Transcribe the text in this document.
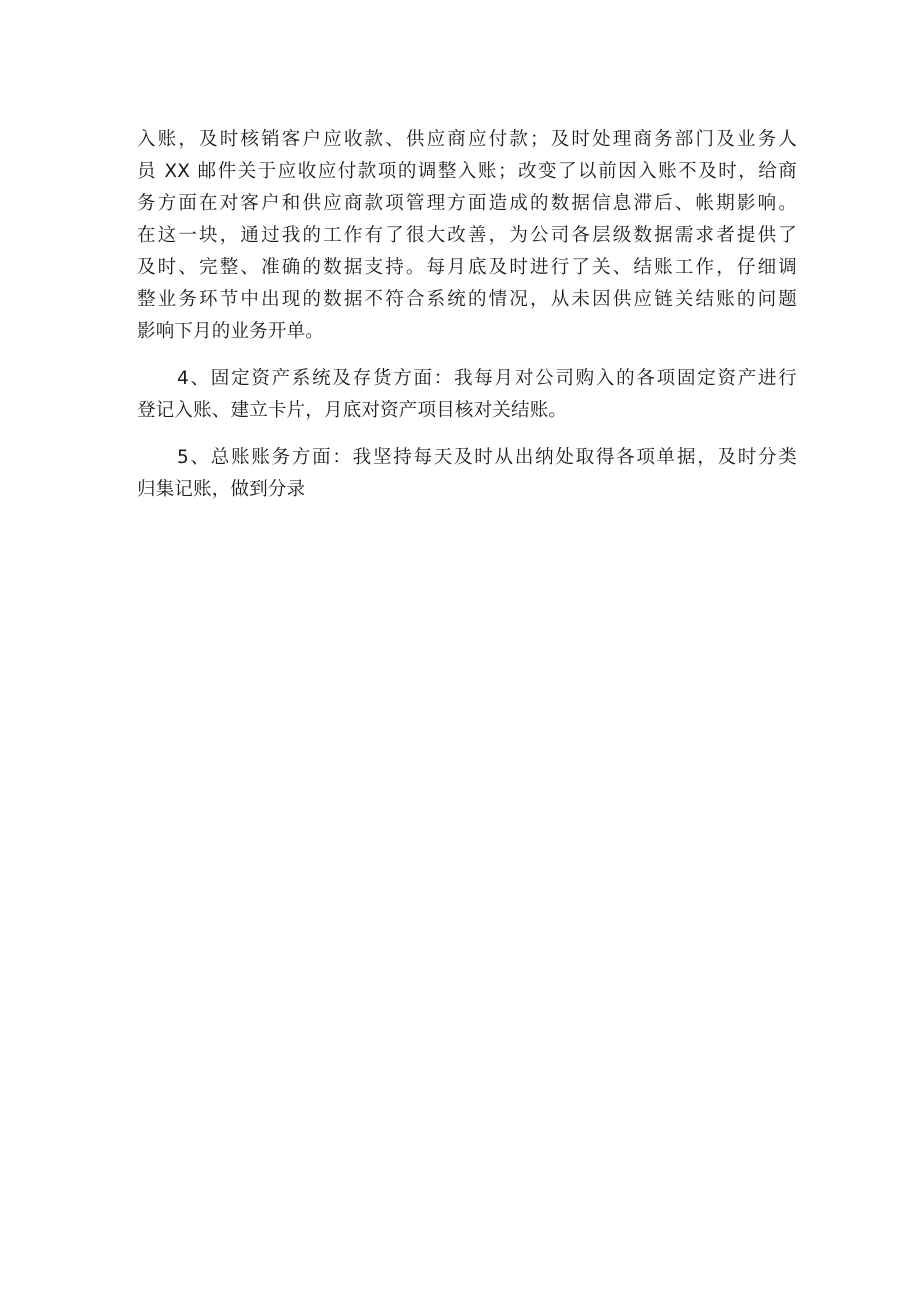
入账，及时核销客户应收款、供应商应付款；及时处理商务部门及业务人
员 XX 邮件关于应收应付款项的调整入账；改变了以前因入账不及时，给商
务方面在对客户和供应商款项管理方面造成的数据信息滞后、帐期影响。
在这一块，通过我的工作有了很大改善，为公司各层级数据需求者提供了
及时、完整、准确的数据支持。每月底及时进行了关、结账工作，仔细调
整业务环节中出现的数据不符合系统的情况，从未因供应链关结账的问题
影响下月的业务开单。
4、固定资产系统及存货方面：我每月对公司购入的各项固定资产进行
登记入账、建立卡片，月底对资产项目核对关结账。
5、总账账务方面：我坚持每天及时从出纳处取得各项单据，及时分类
归集记账，做到分录
